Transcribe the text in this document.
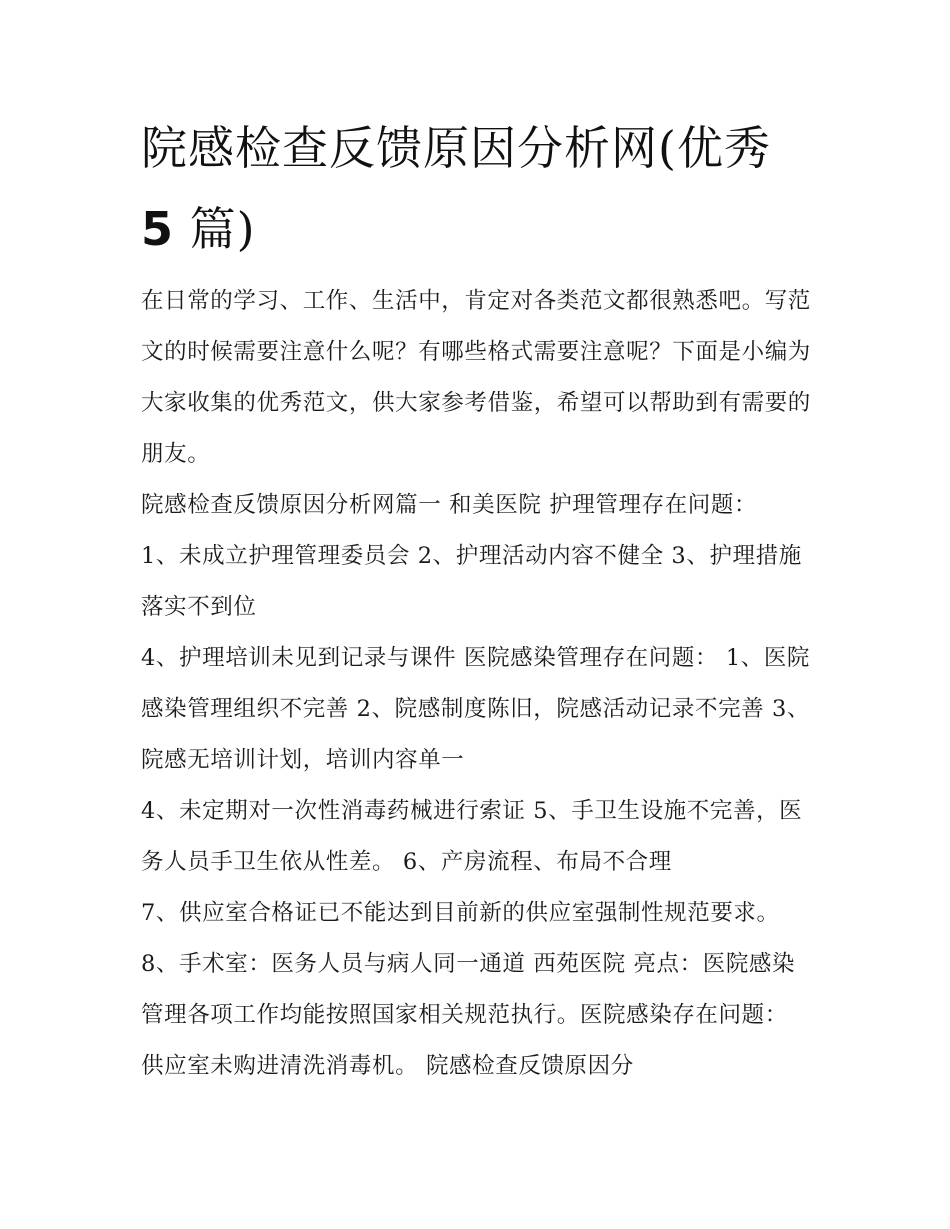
院感检查反馈原因分析网(优秀
5 篇)

在日常的学习、工作、生活中，肯定对各类范文都很熟悉吧。写范文的时候需要注意什么呢？有哪些格式需要注意呢？下面是小编为大家收集的优秀范文，供大家参考借鉴，希望可以帮助到有需要的朋友。

院感检查反馈原因分析网篇一 和美医院 护理管理存在问题：

1、未成立护理管理委员会 2、护理活动内容不健全 3、护理措施落实不到位

4、护理培训未见到记录与课件 医院感染管理存在问题： 1、医院感染管理组织不完善 2、院感制度陈旧，院感活动记录不完善 3、院感无培训计划，培训内容单一

4、未定期对一次性消毒药械进行索证 5、手卫生设施不完善，医务人员手卫生依从性差。 6、产房流程、布局不合理

7、供应室合格证已不能达到目前新的供应室强制性规范要求。 8、手术室：医务人员与病人同一通道 西苑医院 亮点：医院感染管理各项工作均能按照国家相关规范执行。医院感染存在问题： 供应室未购进清洗消毒机。 院感检查反馈原因分
